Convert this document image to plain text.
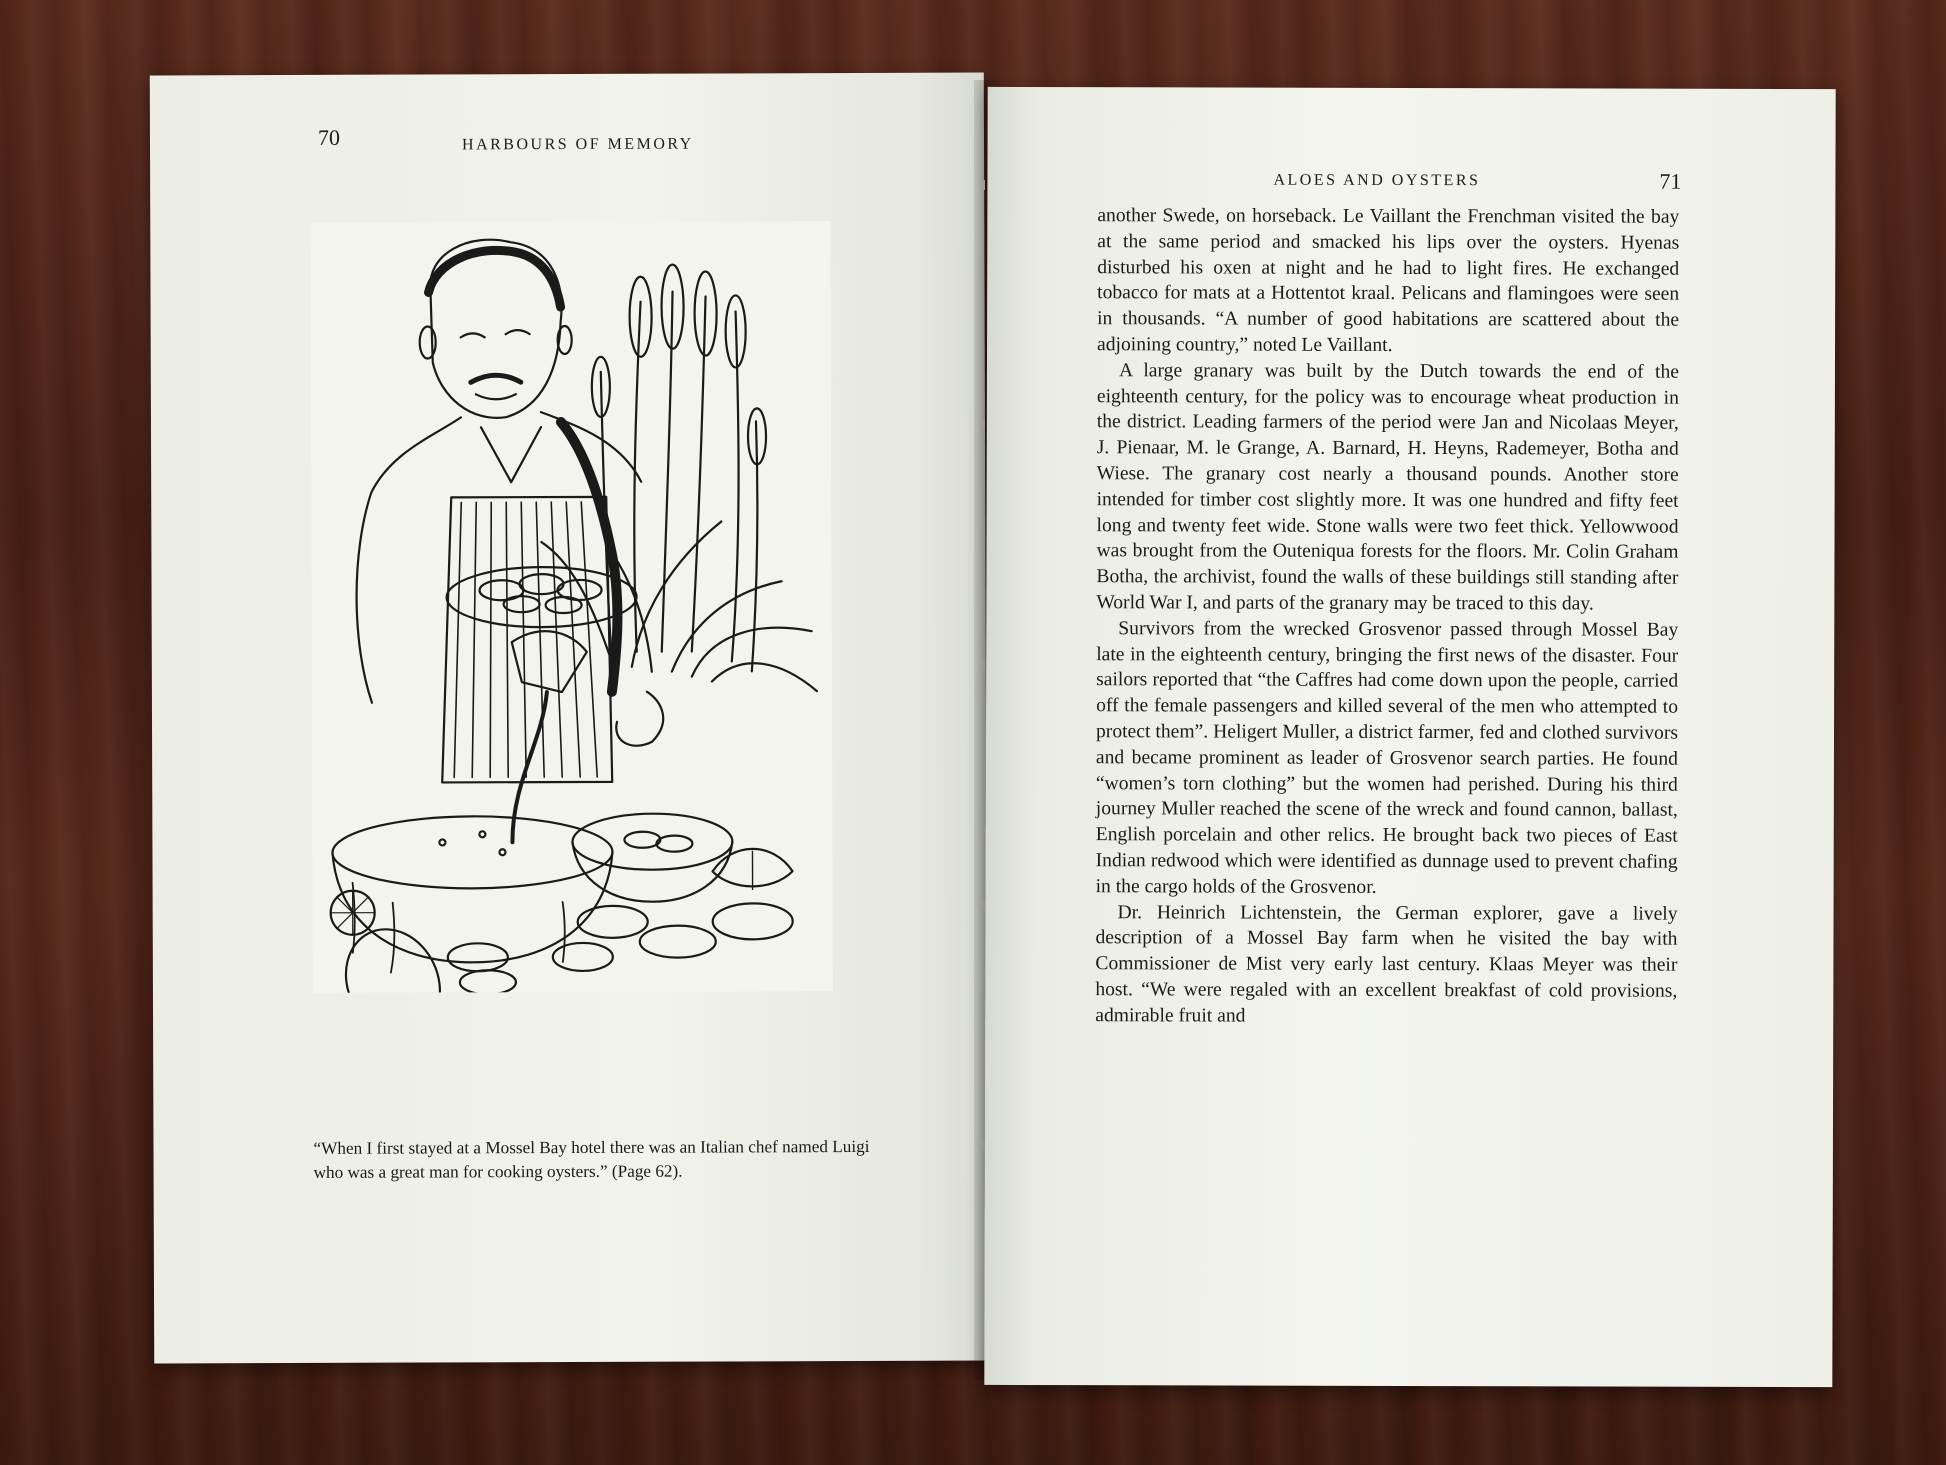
70	HARBOURS OF MEMORY
“When I first stayed at a Mossel Bay hotel there was an Italian chef named Luigi who was a great man for cooking oysters.” (Page 62).
ALOES AND OYSTERS	71

another Swede, on horseback. Le Vaillant the Frenchman visited the bay at the same period and smacked his lips over the oysters. Hyenas disturbed his oxen at night and he had to light fires. He exchanged tobacco for mats at a Hottentot kraal. Pelicans and flamingoes were seen in thousands. “A number of good habitations are scattered about the adjoining country,” noted Le Vaillant.

A large granary was built by the Dutch towards the end of the eighteenth century, for the policy was to encourage wheat production in the district. Leading farmers of the period were Jan and Nicolaas Meyer, J. Pienaar, M. le Grange, A. Barnard, H. Heyns, Rademeyer, Botha and Wiese. The granary cost nearly a thousand pounds. Another store intended for timber cost slightly more. It was one hundred and fifty feet long and twenty feet wide. Stone walls were two feet thick. Yellowwood was brought from the Outeniqua forests for the floors. Mr. Colin Graham Botha, the archivist, found the walls of these buildings still standing after World War I, and parts of the granary may be traced to this day.

Survivors from the wrecked Grosvenor passed through Mossel Bay late in the eighteenth century, bringing the first news of the disaster. Four sailors reported that “the Caffres had come down upon the people, carried off the female passengers and killed several of the men who attempted to protect them”. Heligert Muller, a district farmer, fed and clothed survivors and became prominent as leader of Grosvenor search parties. He found “women’s torn clothing” but the women had perished. During his third journey Muller reached the scene of the wreck and found cannon, ballast, English porcelain and other relics. He brought back two pieces of East Indian redwood which were identified as dunnage used to prevent chafing in the cargo holds of the Grosvenor.

Dr. Heinrich Lichtenstein, the German explorer, gave a lively description of a Mossel Bay farm when he visited the bay with Commissioner de Mist very early last century. Klaas Meyer was their host. “We were regaled with an excellent breakfast of cold provisions, admirable fruit and
